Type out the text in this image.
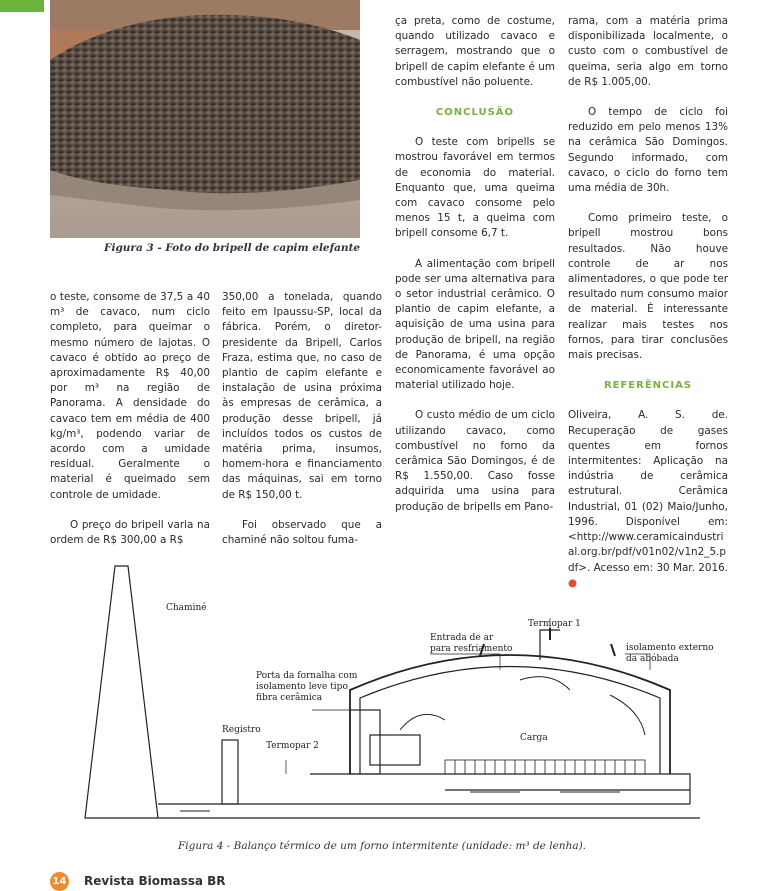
Figura 3 - Foto do bripell de capim elefante

o teste, consome de 37,5 a 40 m³ de cavaco, num ciclo completo, para queimar o mesmo número de lajotas. O cavaco é obtido ao preço de aproximadamente R$ 40,00 por m³ na região de Panorama. A densidade do cavaco tem em média de 400 kg/m³, podendo variar de acordo com a umidade residual. Geralmente o material é queimado sem controle de umidade.

O preço do bripell varia na ordem de R$ 300,00 a R$

350,00 a tonelada, quando feito em Ipaussu-SP, local da fábrica. Porém, o diretor-presidente da Bripell, Carlos Fraza, estima que, no caso de plantio de capim elefante e instalação de usina próxima às empresas de cerâmica, a produção desse bripell, já incluídos todos os custos de matéria prima, insumos, homem-hora e financiamento das máquinas, sai em torno de R$ 150,00 t.

Foi observado que a chaminé não soltou fuma-

ça preta, como de costume, quando utilizado cavaco e serragem, mostrando que o bripell de capim elefante é um combustível não poluente.

CONCLUSÃO

O teste com bripells se mostrou favorável em termos de economia do material. Enquanto que, uma queima com cavaco consome pelo menos 15 t, a queima com bripell consome 6,7 t.

A alimentação com bripell pode ser uma alternativa para o setor industrial cerâmico. O plantio de capim elefante, a aquisição de uma usina para produção de bripell, na região de Panorama, é uma opção economicamente favorável ao material utilizado hoje.

O custo médio de um ciclo utilizando cavaco, como combustível no forno da cerâmica São Domingos, é de R$ 1.550,00. Caso fosse adquirida uma usina para produção de bripells em Pano-

rama, com a matéria prima disponibilizada localmente, o custo com o combustível de queima, seria algo em torno de R$ 1.005,00.

O tempo de ciclo foi reduzido em pelo menos 13% na cerâmica São Domingos. Segundo informado, com cavaco, o ciclo do forno tem uma média de 30h.

Como primeiro teste, o bripell mostrou bons resultados. Não houve controle de ar nos alimentadores, o que pode ter resultado num consumo maior de material. É interessante realizar mais testes nos fornos, para tirar conclusões mais precisas.

REFERÊNCIAS

Oliveira, A. S. de. Recuperação de gases quentes em fornos intermitentes: Aplicação na indústria de cerâmica estrutural. Cerâmica Industrial, 01 (02) Maio/Junho, 1996. Disponível em: <http://www.ceramicaindustrial.org.br/pdf/v01n02/v1n2_5.pdf>. Acesso em: 30 Mar. 2016. ●

Chaminé
Termopar 1
Entrada de ar
para resfriamento	isolamento externo
da abóbada
Porta da fornalha com
isolamento leve tipo
fibra cerâmica
Registro
Termopar 2
Carga
Figura 4 - Balanço térmico de um forno intermitente (unidade: m³ de lenha).
14 Revista Biomassa BR
